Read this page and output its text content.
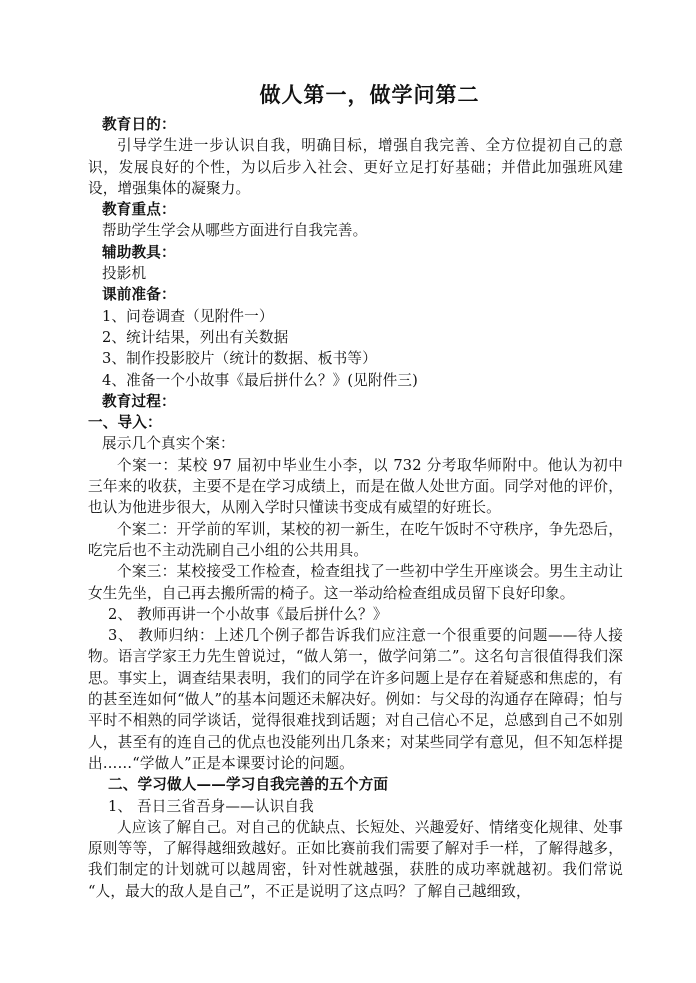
做人第一，做学问第二

教育日的：

引导学生进一步认识自我，明确目标，增强自我完善、全方位提初自己的意识，发展良好的个性，为以后步入社会、更好立足打好基础；并借此加强班风建设，增强集体的凝聚力。

教育重点：

帮助学生学会从哪些方面进行自我完善。

辅助教具：

投影机

课前准备：

1、问卷调查（见附件一）

2、统计结果，列出有关数据

3、制作投影胶片（统计的数据、板书等）

4、准备一个小故事《最后拼什么？》(见附件三)

教育过程：

一、导入：

展示几个真实个案：

个案一：某校 97 届初中毕业生小李，以 732 分考取华师附中。他认为初中三年来的收获，主要不是在学习成绩上，而是在做人处世方面。同学对他的评价，也认为他进步很大，从刚入学时只懂读书变成有威望的好班长。

个案二：开学前的军训，某校的初一新生，在吃午饭时不守秩序，争先恐后，吃完后也不主动洗刷自己小组的公共用具。

个案三：某校接受工作检查，检查组找了一些初中学生开座谈会。男生主动让女生先坐，自己再去搬所需的椅子。这一举动给检查组成员留下良好印象。

2、 教师再讲一个小故事《最后拼什么？》

3、 教师归纳：上述几个例子都告诉我们应注意一个很重要的问题——待人接物。语言学家王力先生曾说过，“做人第一，做学问第二”。这名句言很值得我们深思。事实上，调查结果表明，我们的同学在许多问题上是存在着疑惑和焦虑的，有的甚至连如何“做人”的基本问题还未解决好。例如：与父母的沟通存在障碍；怕与平时不相熟的同学谈话，觉得很难找到话题；对自己信心不足，总感到自己不如别人，甚至有的连自己的优点也没能列出几条来；对某些同学有意见，但不知怎样提出……“学做人”正是本课要讨论的问题。

二、学习做人——学习自我完善的五个方面

1、 吾日三省吾身——认识自我

人应该了解自己。对自己的优缺点、长短处、兴趣爱好、情绪变化规律、处事原则等等，了解得越细致越好。正如比赛前我们需要了解对手一样，了解得越多，我们制定的计划就可以越周密，针对性就越强，获胜的成功率就越初。我们常说 “人，最大的敌人是自己”，不正是说明了这点吗？了解自己越细致，
